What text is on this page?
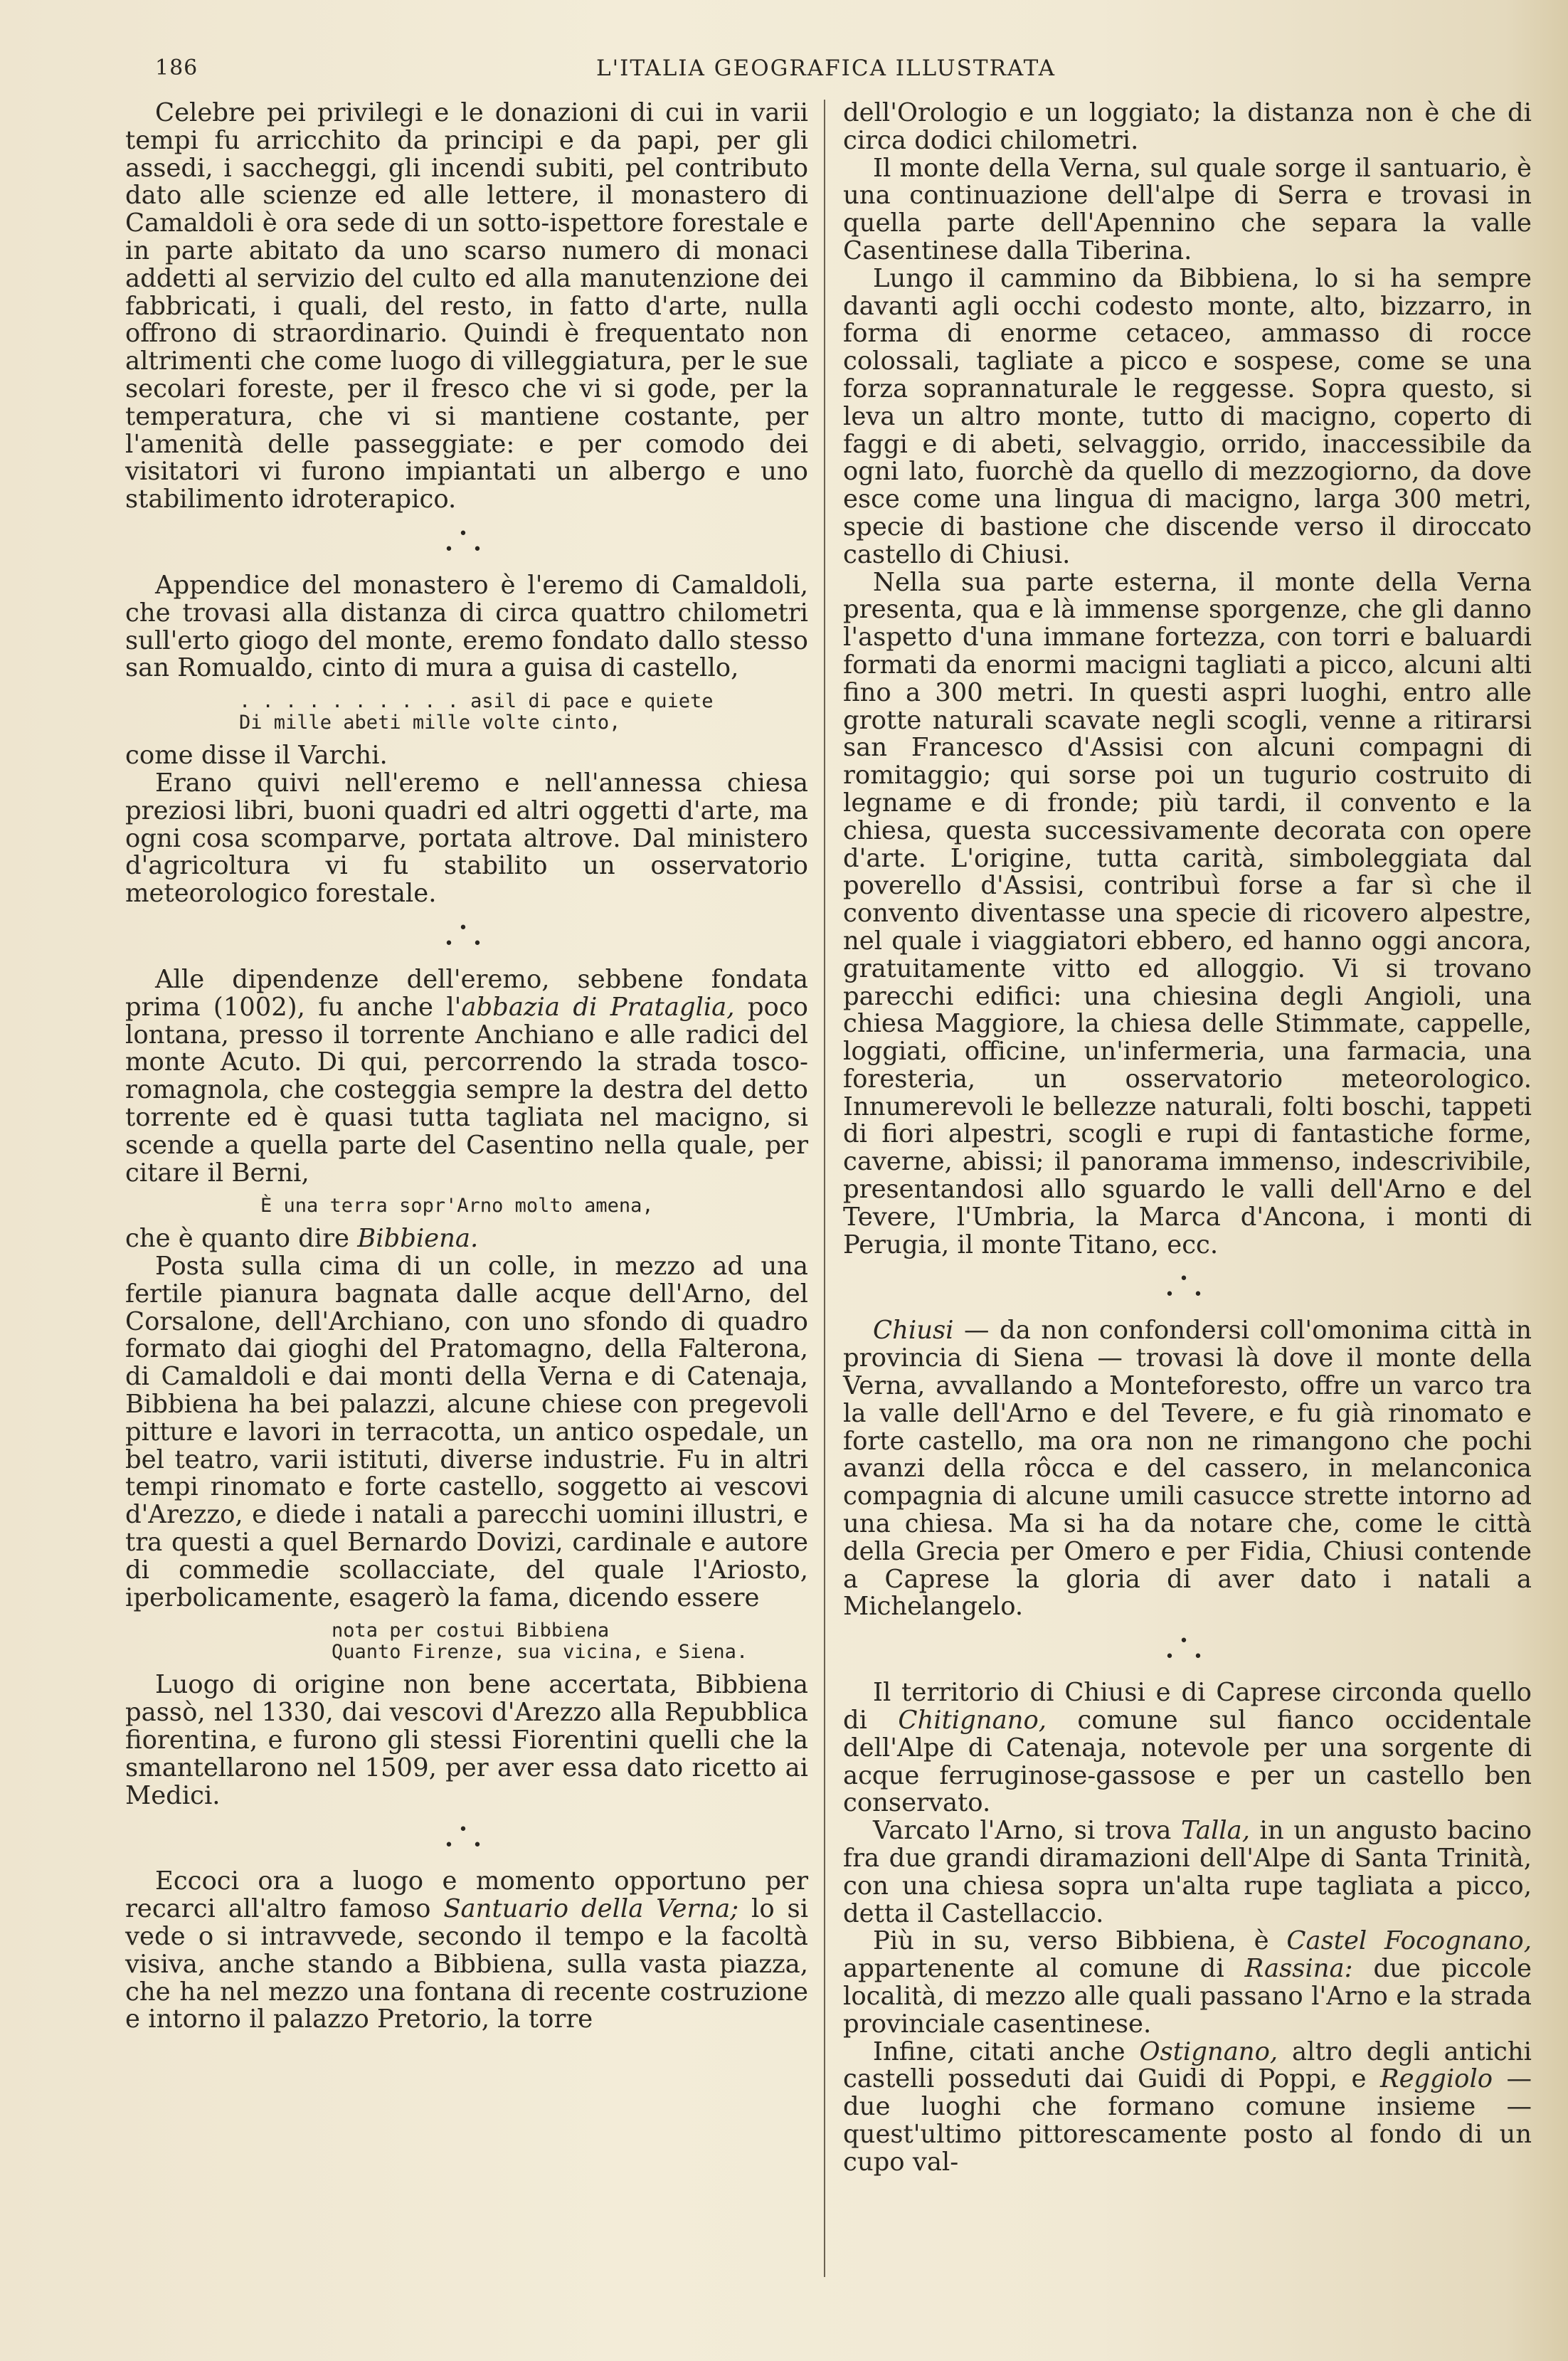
186	L'ITALIA GEOGRAFICA ILLUSTRATA

Celebre pei privilegi e le donazioni di cui in varii tempi fu arricchito da principi e da papi, per gli assedi, i saccheggi, gli incendi subiti, pel contributo dato alle scienze ed alle lettere, il monastero di Camaldoli è ora sede di un sotto-ispettore forestale e in parte abitato da uno scarso numero di monaci addetti al servizio del culto ed alla manutenzione dei fabbricati, i quali, del resto, in fatto d'arte, nulla offrono di straordinario. Quindi è frequentato non altrimenti che come luogo di villeggiatura, per le sue secolari foreste, per il fresco che vi si gode, per la temperatura, che vi si mantiene costante, per l'amenità delle passeggiate: e per comodo dei visitatori vi furono impiantati un albergo e uno stabilimento idroterapico.

•
• •

Appendice del monastero è l'eremo di Camaldoli, che trovasi alla distanza di circa quattro chilometri sull'erto giogo del monte, eremo fondato dallo stesso san Romualdo, cinto di mura a guisa di castello,

. . . . . . . . . . asil di pace e quiete
Di mille abeti mille volte cinto,

come disse il Varchi.

Erano quivi nell'eremo e nell'annessa chiesa preziosi libri, buoni quadri ed altri oggetti d'arte, ma ogni cosa scomparve, portata altrove. Dal ministero d'agricoltura vi fu stabilito un osservatorio meteorologico forestale.

•
• •

Alle dipendenze dell'eremo, sebbene fondata prima (1002), fu anche l'abbazia di Prataglia, poco lontana, presso il torrente Anchiano e alle radici del monte Acuto. Di qui, percorrendo la strada tosco-romagnola, che costeggia sempre la destra del detto torrente ed è quasi tutta tagliata nel macigno, si scende a quella parte del Casentino nella quale, per citare il Berni,

È una terra sopr'Arno molto amena,

che è quanto dire Bibbiena.

Posta sulla cima di un colle, in mezzo ad una fertile pianura bagnata dalle acque dell'Arno, del Corsalone, dell'Archiano, con uno sfondo di quadro formato dai gioghi del Pratomagno, della Falterona, di Camaldoli e dai monti della Verna e di Catenaja, Bibbiena ha bei palazzi, alcune chiese con pregevoli pitture e lavori in terracotta, un antico ospedale, un bel teatro, varii istituti, diverse industrie. Fu in altri tempi rinomato e forte castello, soggetto ai vescovi d'Arezzo, e diede i natali a parecchi uomini illustri, e tra questi a quel Bernardo Dovizi, cardinale e autore di commedie scollacciate, del quale l'Ariosto, iperbolicamente, esagerò la fama, dicendo essere

nota per costui Bibbiena
Quanto Firenze, sua vicina, e Siena.

Luogo di origine non bene accertata, Bibbiena passò, nel 1330, dai vescovi d'Arezzo alla Repubblica fiorentina, e furono gli stessi Fiorentini quelli che la smantellarono nel 1509, per aver essa dato ricetto ai Medici.

•
• •

Eccoci ora a luogo e momento opportuno per recarci all'altro famoso Santuario della Verna; lo si vede o si intravvede, secondo il tempo e la facoltà visiva, anche stando a Bibbiena, sulla vasta piazza, che ha nel mezzo una fontana di recente costruzione e intorno il palazzo Pretorio, la torre

dell'Orologio e un loggiato; la distanza non è che di circa dodici chilometri.

Il monte della Verna, sul quale sorge il santuario, è una continuazione dell'alpe di Serra e trovasi in quella parte dell'Apennino che separa la valle Casentinese dalla Tiberina.

Lungo il cammino da Bibbiena, lo si ha sempre davanti agli occhi codesto monte, alto, bizzarro, in forma di enorme cetaceo, ammasso di rocce colossali, tagliate a picco e sospese, come se una forza soprannaturale le reggesse. Sopra questo, si leva un altro monte, tutto di macigno, coperto di faggi e di abeti, selvaggio, orrido, inaccessibile da ogni lato, fuorchè da quello di mezzogiorno, da dove esce come una lingua di macigno, larga 300 metri, specie di bastione che discende verso il diroccato castello di Chiusi.

Nella sua parte esterna, il monte della Verna presenta, qua e là immense sporgenze, che gli danno l'aspetto d'una immane fortezza, con torri e baluardi formati da enormi macigni tagliati a picco, alcuni alti fino a 300 metri. In questi aspri luoghi, entro alle grotte naturali scavate negli scogli, venne a ritirarsi san Francesco d'Assisi con alcuni compagni di romitaggio; qui sorse poi un tugurio costruito di legname e di fronde; più tardi, il convento e la chiesa, questa successivamente decorata con opere d'arte. L'origine, tutta carità, simboleggiata dal poverello d'Assisi, contribuì forse a far sì che il convento diventasse una specie di ricovero alpestre, nel quale i viaggiatori ebbero, ed hanno oggi ancora, gratuitamente vitto ed alloggio. Vi si trovano parecchi edifici: una chiesina degli Angioli, una chiesa Maggiore, la chiesa delle Stimmate, cappelle, loggiati, officine, un'infermeria, una farmacia, una foresteria, un osservatorio meteorologico. Innumerevoli le bellezze naturali, folti boschi, tappeti di fiori alpestri, scogli e rupi di fantastiche forme, caverne, abissi; il panorama immenso, indescrivibile, presentandosi allo sguardo le valli dell'Arno e del Tevere, l'Umbria, la Marca d'Ancona, i monti di Perugia, il monte Titano, ecc.

•
• •

Chiusi — da non confondersi coll'omonima città in provincia di Siena — trovasi là dove il monte della Verna, avvallando a Monteforesto, offre un varco tra la valle dell'Arno e del Tevere, e fu già rinomato e forte castello, ma ora non ne rimangono che pochi avanzi della rôcca e del cassero, in melanconica compagnia di alcune umili casucce strette intorno ad una chiesa. Ma si ha da notare che, come le città della Grecia per Omero e per Fidia, Chiusi contende a Caprese la gloria di aver dato i natali a Michelangelo.

•
• •

Il territorio di Chiusi e di Caprese circonda quello di Chitignano, comune sul fianco occidentale dell'Alpe di Catenaja, notevole per una sorgente di acque ferruginose-gassose e per un castello ben conservato.

Varcato l'Arno, si trova Talla, in un angusto bacino fra due grandi diramazioni dell'Alpe di Santa Trinità, con una chiesa sopra un'alta rupe tagliata a picco, detta il Castellaccio.

Più in su, verso Bibbiena, è Castel Focognano, appartenente al comune di Rassina: due piccole località, di mezzo alle quali passano l'Arno e la strada provinciale casentinese.

Infine, citati anche Ostignano, altro degli antichi castelli posseduti dai Guidi di Poppi, e Reggiolo — due luoghi che formano comune insieme — quest'ultimo pittorescamente posto al fondo di un cupo val-
